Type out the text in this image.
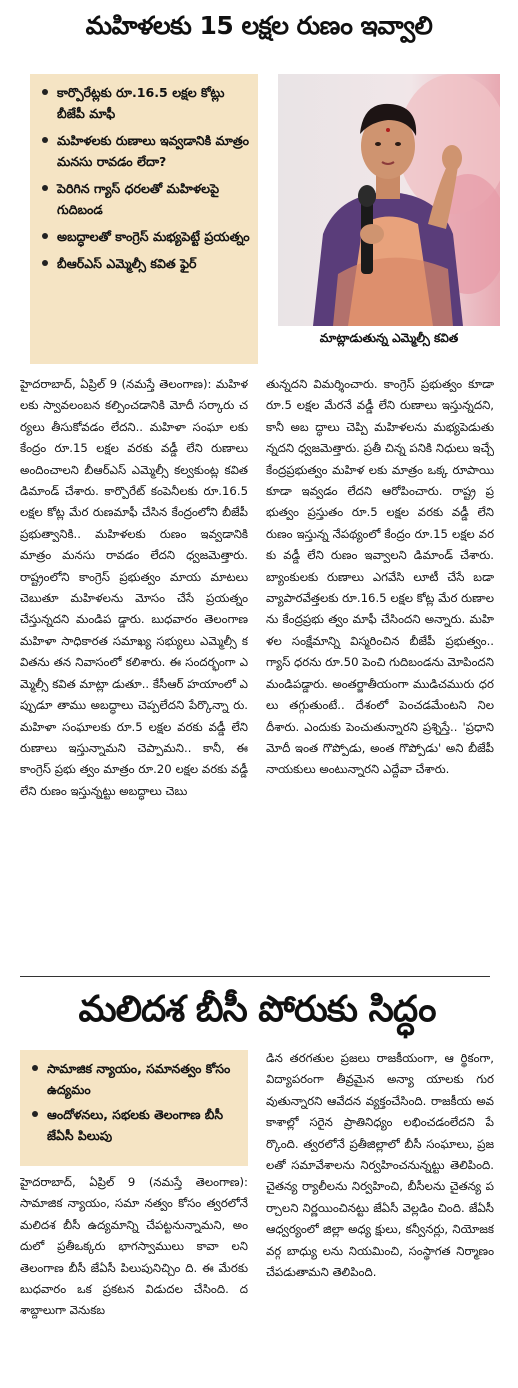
మహిళలకు 15 లక్షల రుణం ఇవ్వాలి
కార్పొరేట్లకు రూ.16.5 లక్షల కోట్లు బీజేపీ మాఫీ
మహిళలకు రుణాలు ఇవ్వడానికి మాత్రం మనసు రావడం లేదా?
పెరిగిన గ్యాస్ ధరలతో మహిళలపై గుదిబండ
అబద్ధాలతో కాంగ్రెస్ మభ్యపెట్టే ప్రయత్నం
బీఆర్ఎస్ ఎమ్మెల్సీ కవిత ఫైర్
మాట్లాడుతున్న ఎమ్మెల్సీ కవిత
హైదరాబాద్, ఏప్రిల్ 9 (నమస్తే తెలంగాణ): మహిళలకు స్వావలంబన కల్పించడానికి మోదీ సర్కారు చర్యలు తీసుకోవడం లేదని.. మహిళా సంఘా లకు కేంద్రం రూ.15 లక్షల వరకు వడ్డీ లేని రుణాలు అందించాలని బీఆర్ఎస్ ఎమ్మెల్సీ కల్వకుంట్ల కవిత డిమాండ్ చేశారు. కార్పొరేట్ కంపెనీలకు రూ.16.5 లక్షల కోట్ల మేర రుణమాఫీ చేసిన కేంద్రంలోని బీజేపీ ప్రభుత్వానికి.. మహిళలకు రుణం ఇవ్వడానికి మాత్రం మనసు రావడం లేదని ధ్వజమెత్తారు. రాష్ట్రంలోని కాంగ్రెస్ ప్రభుత్వం మాయ మాటలు చెబుతూ మహిళలను మోసం చేసే ప్రయత్నం చేస్తున్నదని మండిప డ్డారు. బుధవారం తెలంగాణ మహిళా సాధికారత సమాఖ్య సభ్యులు ఎమ్మెల్సీ కవితను తన నివాసంలో కలిశారు. ఈ సందర్భంగా ఎమ్మెల్సీ కవిత మాట్లా డుతూ.. కేసీఆర్ హయాంలో ఎప్పుడూ తాము అబద్ధాలు చెప్పలేదని పేర్కొన్నా రు. మహిళా సంఘాలకు రూ.5 లక్షల వరకు వడ్డీ లేని రుణాలు ఇస్తున్నామని చెప్పామని.. కానీ, ఈ కాంగ్రెస్ ప్రభు త్వం మాత్రం రూ.20 లక్షల వరకు వడ్డీ లేని రుణం ఇస్తున్నట్టు అబద్ధాలు చెబు
తున్నదని విమర్శించారు. కాంగ్రెస్ ప్రభుత్వం కూడా రూ.5 లక్షల మేరనే వడ్డీ లేని రుణాలు ఇస్తున్నదని, కానీ అబ ద్ధాలు చెప్పి మహిళలను మభ్యపెడుతు న్నదని ధ్వజమెత్తారు. ప్రతీ చిన్న పనికి నిధులు ఇచ్చే కేంద్రప్రభుత్వం మహిళ లకు మాత్రం ఒక్క రూపాయి కూడా ఇవ్వడం లేదని ఆరోపించారు. రాష్ట్ర ప్రభుత్వం ప్రస్తుతం రూ.5 లక్షల వరకు వడ్డీ లేని రుణం ఇస్తున్న నేపథ్యంలో కేంద్రం రూ.15 లక్షల వరకు వడ్డీ లేని రుణం ఇవ్వాలని డిమాండ్ చేశారు. బ్యాంకులకు రుణాలు ఎగవేసి లూటీ చేసే బడా వ్యాపారవేత్తలకు రూ.16.5 లక్షల కోట్ల మేర రుణాలను కేంద్రప్రభు త్వం మాఫీ చేసిందని అన్నారు. మహి ళల సంక్షేమాన్ని విస్మరించిన బీజేపీ ప్రభుత్వం.. గ్యాస్ ధరను రూ.50 పెంచి గుదిబండను మోపిందని మండిపడ్డారు. అంతర్జాతీయంగా ముడిచమురు ధరలు తగ్గుతుంటే.. దేశంలో పెంచడమేంటని నిలదీశారు. ఎందుకు పెంచుతున్నారని ప్రశ్నిస్తే.. 'ప్రధాని మోదీ ఇంత గొప్పోడు, అంత గొప్పోడు' అని బీజేపీ నాయకులు అంటున్నారని ఎద్దేవా చేశారు.
మలిదశ బీసీ పోరుకు సిద్ధం
సామాజిక న్యాయం, సమానత్వం కోసం ఉద్యమం
ఆందోళనలు, సభలకు తెలంగాణ బీసీ జేఏసీ పిలుపు
హైదరాబాద్, ఏప్రిల్ 9 (నమస్తే తెలంగాణ): సామాజిక న్యాయం, సమా నత్వం కోసం త్వరలోనే మలిదశ బీసీ ఉద్యమాన్ని చేపట్టనున్నామని, అం దులో ప్రతీఒక్కరు భాగస్వాములు కావా లని తెలంగాణ బీసీ జేఏసీ పిలుపునిచ్చిం ది. ఈ మేరకు బుధవారం ఒక ప్రకటన విడుదల చేసింది. దశాబ్దాలుగా వెనుకబ
డిన తరగతుల ప్రజలు రాజకీయంగా, ఆ ర్థికంగా, విద్యాపరంగా తీవ్రమైన అన్యా యాలకు గురవుతున్నారని ఆవేదన వ్యక్తంచేసింది. రాజకీయ అవకాశాల్లో సరైన ప్రాతినిధ్యం లభించడంలేదని పే ర్కొంది. త్వరలోనే ప్రతీజిల్లాలో బీసీ సంఘాలు, ప్రజలతో సమావేశాలను నిర్వహించనున్నట్టు తెలిపింది. చైతన్య ర్యాలీలను నిర్వహించి, బీసీలను చైతన్య పర్చాలని నిర్ణయించినట్టు జేఏసీ వెల్లడిం చింది. జేఏసీ ఆధ్వర్యంలో జిల్లా అధ్య క్షులు, కన్వీనర్లు, నియోజకవర్గ బాధ్యు లను నియమించి, సంస్థాగత నిర్మాణం చేపడుతామని తెలిపింది.
